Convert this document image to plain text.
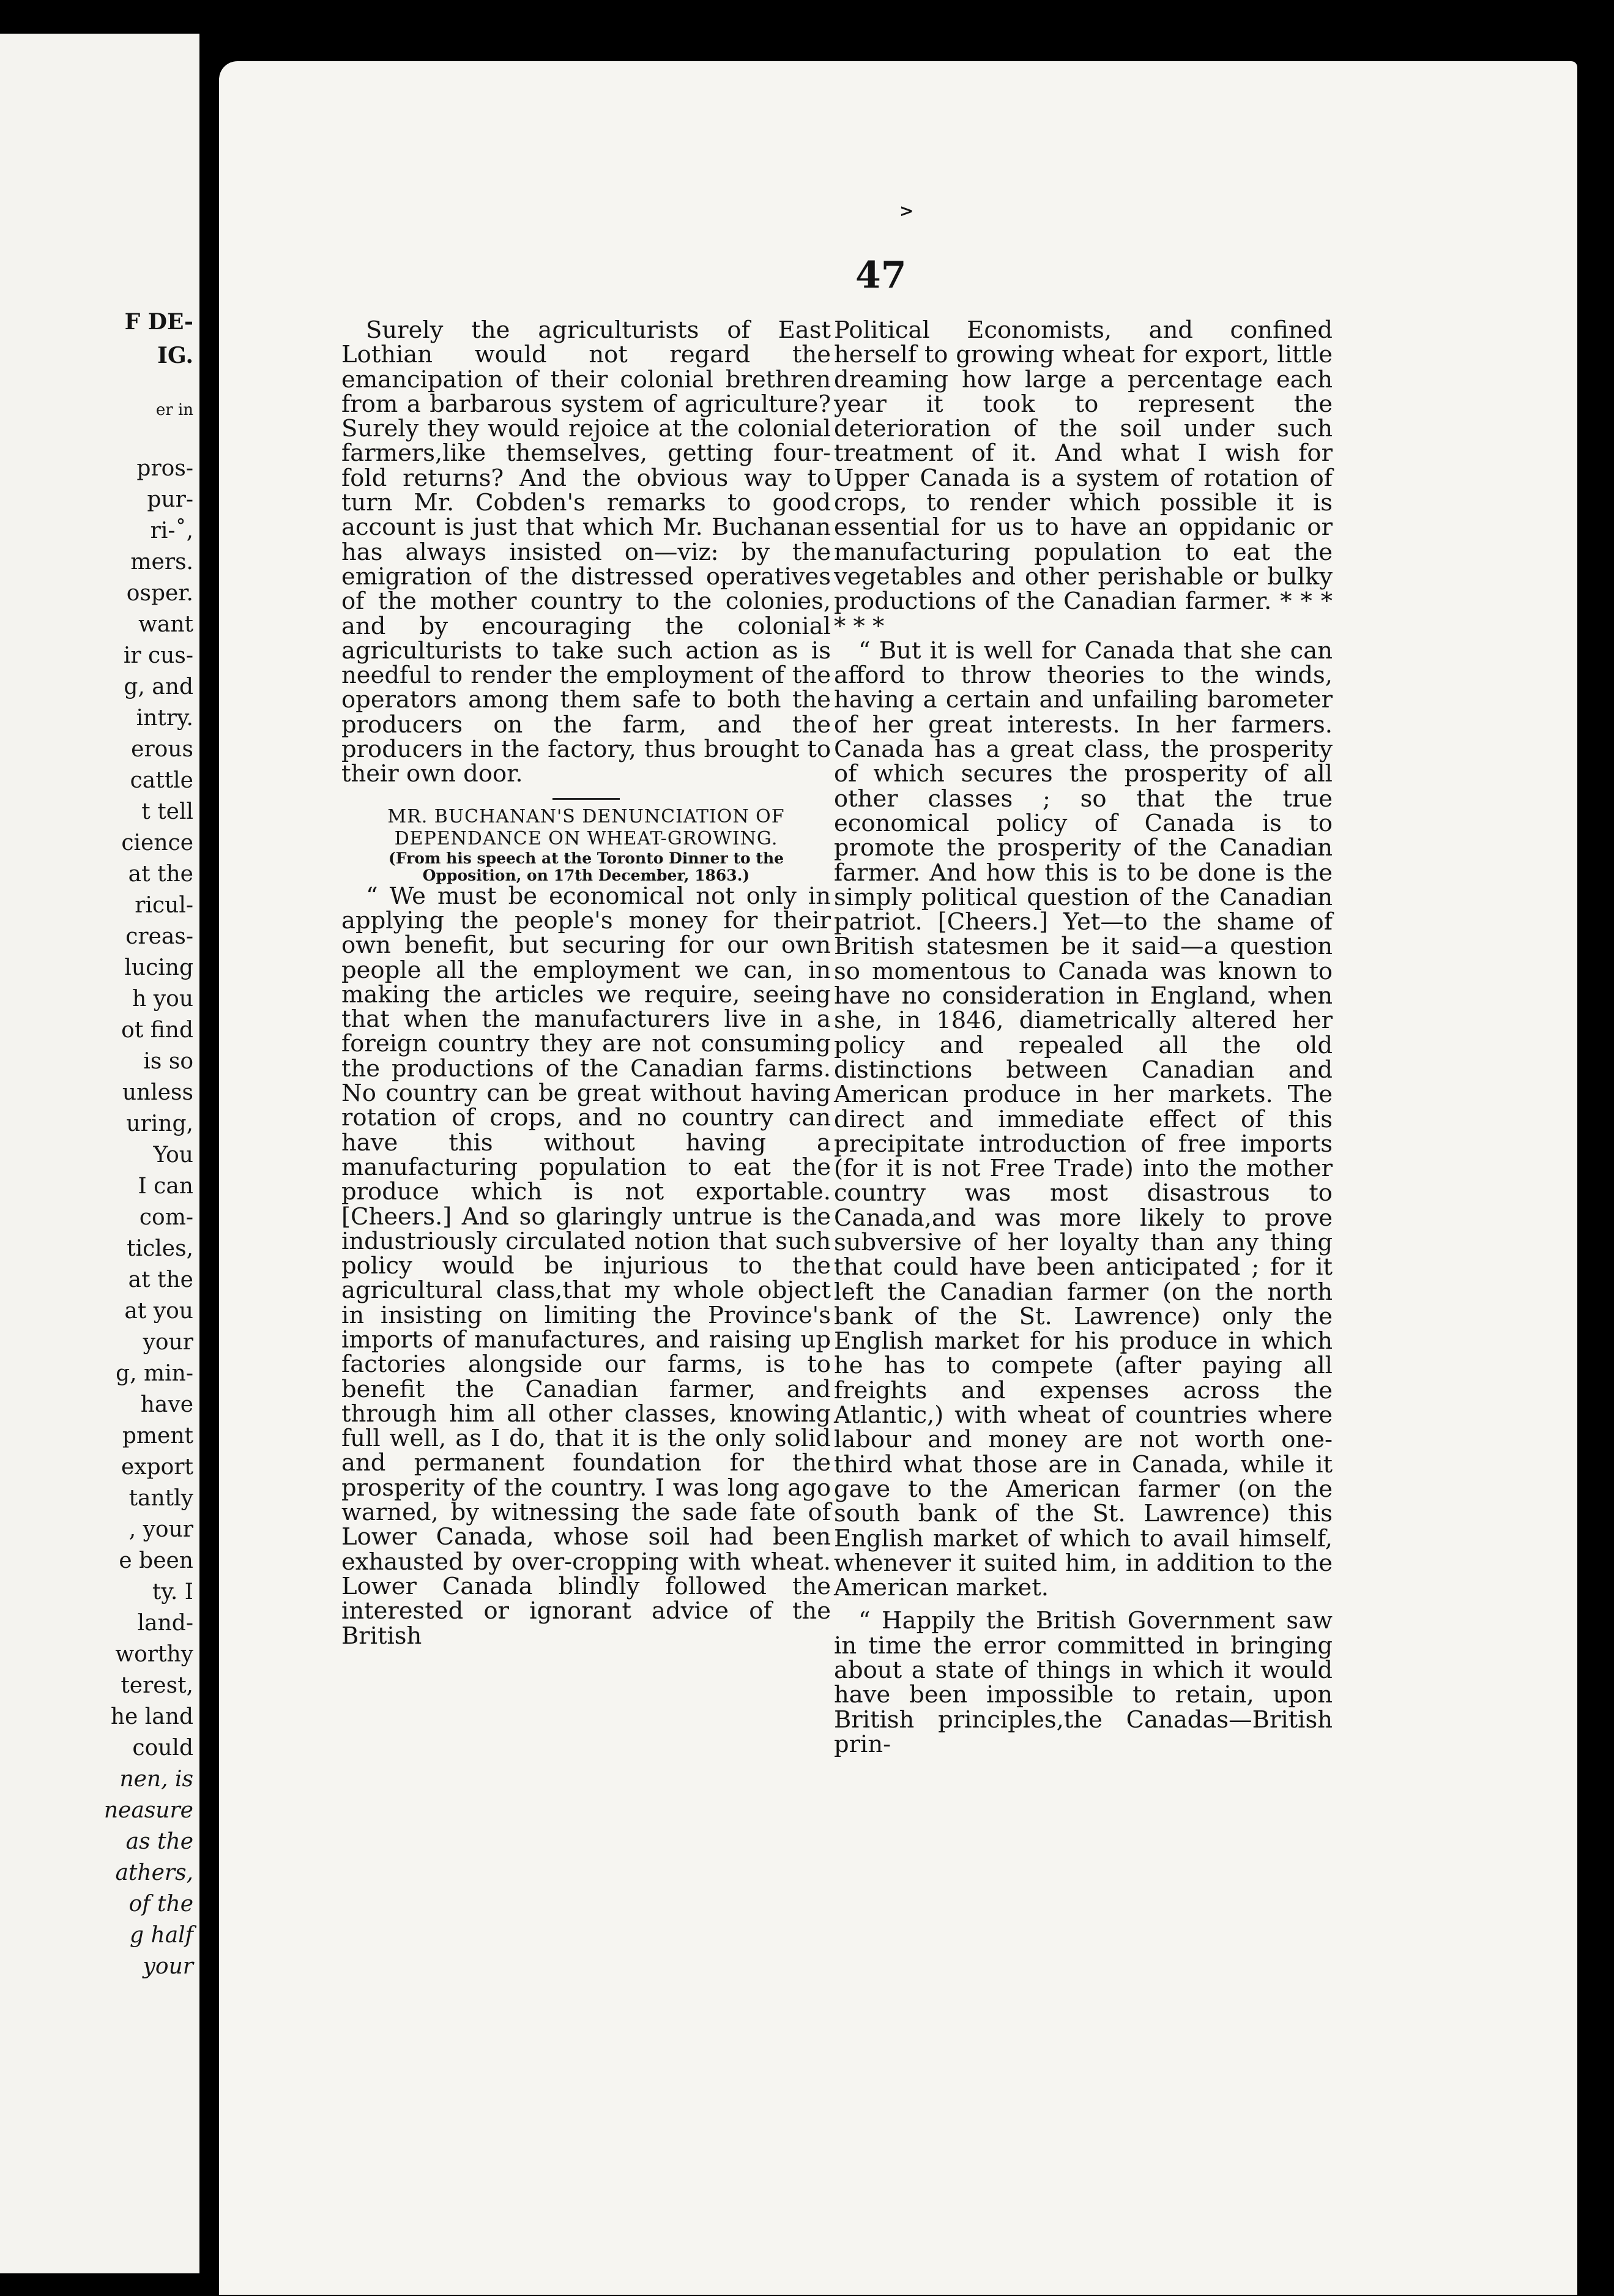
F DE-
IG.
er in
pros-
pur-
ri-˚,
mers.
osper.
want
ir cus-
g, and
intry.
erous
cattle
t tell
cience
at the
ricul-
creas-
lucing
h you
ot find
is so
unless
uring,
You
I can
com-
ticles,
at the
at you
your
g, min-
have
pment
export
tantly
, your
e been
ty. I
land-
worthy
terest,
he land
could
nen, is
neasure
as the
athers,
of the
g half
your
>
47

Surely the agriculturists of East Lothian would not regard the emancipation of their colonial brethren from a barbarous system of agriculture? Surely they would rejoice at the colonial farmers,like themselves, getting four-fold returns? And the obvious way to turn Mr. Cobden's remarks to good account is just that which Mr. Buchanan has always insisted on—viz: by the emigration of the distressed operatives of the mother country to the colonies, and by encouraging the colonial agriculturists to take such action as is needful to render the employment of the operators among them safe to both the producers on the farm, and the producers in the factory, thus brought to their own door.

MR. BUCHANAN'S DENUNCIATION OF DEPENDANCE ON WHEAT-GROWING.

(From his speech at the Toronto Dinner to the Opposition, on 17th December, 1863.)

“ We must be economical not only in applying the people's money for their own benefit, but securing for our own people all the employment we can, in making the articles we require, seeing that when the manufacturers live in a foreign country they are not consuming the productions of the Canadian farms. No country can be great without having rotation of crops, and no country can have this without having a manufacturing population to eat the produce which is not exportable. [Cheers.] And so glaringly untrue is the industriously circulated notion that such policy would be injurious to the agricultural class,that my whole object in insisting on limiting the Province's imports of manufactures, and raising up factories alongside our farms, is to benefit the Canadian farmer, and through him all other classes, knowing full well, as I do, that it is the only solid and permanent foundation for the prosperity of the country. I was long ago warned, by witnessing the sade fate of Lower Canada, whose soil had been exhausted by over-cropping with wheat. Lower Canada blindly followed the interested or ignorant advice of the British

Political Economists, and confined herself to growing wheat for export, little dreaming how large a percentage each year it took to represent the deterioration of the soil under such treatment of it. And what I wish for Upper Canada is a system of rotation of crops, to render which possible it is essential for us to have an oppidanic or manufacturing population to eat the vegetables and other perishable or bulky productions of the Canadian farmer. * * * * * *

“ But it is well for Canada that she can afford to throw theories to the winds, having a certain and unfailing barometer of her great interests. In her farmers. Canada has a great class, the prosperity of which secures the prosperity of all other classes ; so that the true economical policy of Canada is to promote the prosperity of the Canadian farmer. And how this is to be done is the simply political question of the Canadian patriot. [Cheers.] Yet—to the shame of British statesmen be it said—a question so momentous to Canada was known to have no consideration in England, when she, in 1846, diametrically altered her policy and repealed all the old distinctions between Canadian and American produce in her markets. The direct and immediate effect of this precipitate introduction of free imports (for it is not Free Trade) into the mother country was most disastrous to Canada,and was more likely to prove subversive of her loyalty than any thing that could have been anticipated ; for it left the Canadian farmer (on the north bank of the St. Lawrence) only the English market for his produce in which he has to compete (after paying all freights and expenses across the Atlantic,) with wheat of countries where labour and money are not worth one-third what those are in Canada, while it gave to the American farmer (on the south bank of the St. Lawrence) this English market of which to avail himself, whenever it suited him, in addition to the American market.

“ Happily the British Government saw in time the error committed in bringing about a state of things in which it would have been impossible to retain, upon British principles,the Canadas—British prin-
